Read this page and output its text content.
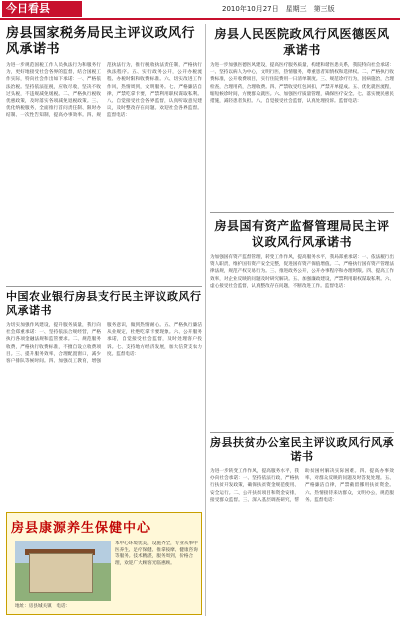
今日看县	2010年10月27日　星期三　第三版
房县国家税务局民主评议政风行风承诺书
为进一步规范国税工作人员执法行为和服务行为，更好地接受社会各界的监督，结合国税工作实际，特向社会作出如下承诺：一、严格依法治税。坚持依法征税，应收尽收，坚决不收过头税，不违规减免缓税。二、严格执行税收优惠政策，及时落实各项减免退税政策。三、优化纳税服务，全面推行首问责任制、限时办结制、一次性告知制，提高办事效率。四、规范执法行为，推行税收执法责任制，严格执行执法程序。五、实行政务公开，公开办税流程、办税时限和收费标准。六、切实改进工作作风，热情周到，文明服务。七、严格廉洁自律，严禁吃拿卡要，严禁利用职权谋取私利。八、自觉接受社会各界监督，认真听取意见建议，及时整改存在问题。欢迎社会各界监督。监督电话：
中国农业银行房县支行民主评议政风行风承诺书
为切实加强作风建设，提升服务质量，我行向社会郑重承诺：一、坚持依法合规经营，严格执行各项金融法规和监管要求。二、规范服务收费，严格执行收费标准，不擅自设立收费项目。三、提升服务效率，合理配置窗口，减少客户排队等候时间。四、加强员工教育，增强服务意识，做到热情耐心。五、严格执行廉洁从业规定，杜绝吃拿卡要现象。六、公开服务承诺，自觉接受社会监督，及时处理客户投诉。七、支持地方经济发展，加大信贷支农力度。监督电话：
房县康源养生保健中心
本中心环境优美，设施齐全，专业从事中医养生、足疗保健、推拿按摩、健康咨询等服务。技术精湛，服务周到，价格合理，欢迎广大顾客光临惠顾。
地址：房县城关镇　电话：
房县人民医院政风行风医德医风承诺书
为进一步加强医德医风建设，提高医疗服务质量，构建和谐医患关系，我院特向社会承诺：一、坚持以病人为中心，文明行医，热情服务，尊重患者知情权和选择权。二、严格执行收费标准，公开收费项目，实行住院费用一日清单制度。三、规范诊疗行为，因病施治，合理检查，合理用药，合理收费。四、严禁收受红包回扣，严禁开单提成。五、优化就医流程，缩短候诊时间，方便群众就医。六、加强医疗质量管理，确保医疗安全。七、落实便民惠民措施，减轻患者负担。八、自觉接受社会监督，认真处理投诉。监督电话：
房县国有资产监督管理局民主评议政风行风承诺书
为加强国有资产监督管理，转变工作作风，提高服务水平，我局郑重承诺：一、依法履行出资人职责，维护国有资产安全完整，促进国有资产保值增值。二、严格执行国有资产管理法律法规，规范产权交易行为。三、推进政务公开，公开办事程序和办理时限。四、提高工作效率，对企业反映的问题及时研究解决。五、加强廉政建设，严禁利用职权谋取私利。六、虚心接受社会监督，认真整改存在问题，不断改进工作。监督电话：
房县扶贫办公室民主评议政风行风承诺书
为进一步转变工作作风，提高服务水平，我办向社会承诺：一、坚持依法行政，严格执行扶贫开发政策，确保扶贫资金规范使用、安全运行。二、公开扶贫项目和资金安排，接受群众监督。三、深入基层调查研究，帮助贫困村解决实际困难。四、提高办事效率，对群众反映的问题及时答复处理。五、严格廉洁自律，严禁截留挪用扶贫资金。六、热情接待来访群众，文明办公，规范服务。监督电话：
